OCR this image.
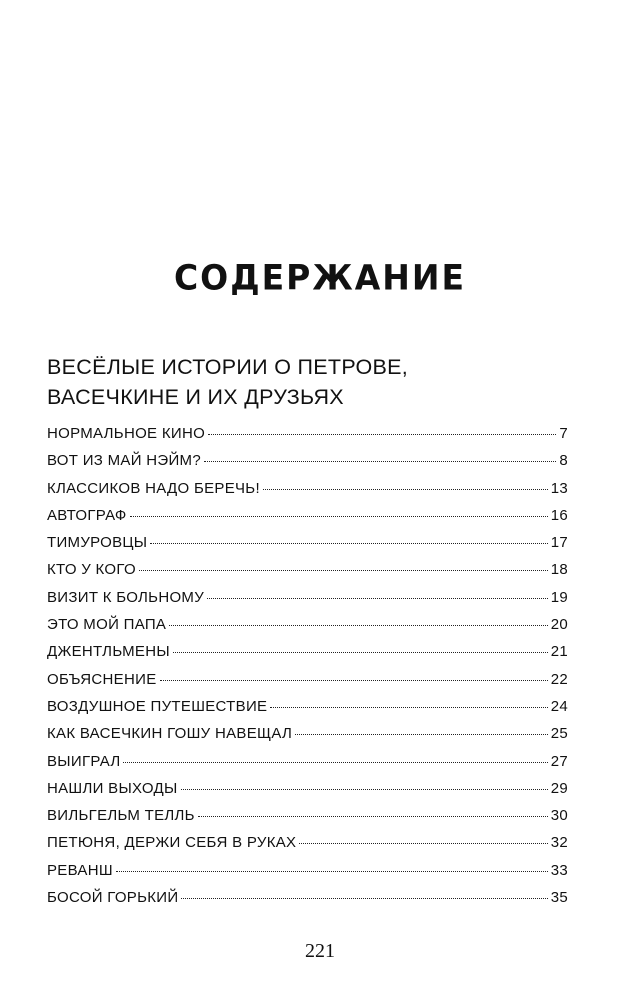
СОДЕРЖАНИЕ
ВЕСЁЛЫЕ ИСТОРИИ О ПЕТРОВЕ,
ВАСЕЧКИНЕ И ИХ ДРУЗЬЯХ
НОРМАЛЬНОЕ КИНО	7
ВОТ ИЗ МАЙ НЭЙМ?	8
КЛАССИКОВ НАДО БЕРЕЧЬ!	13
АВТОГРАФ	16
ТИМУРОВЦЫ	17
КТО У КОГО	18
ВИЗИТ К БОЛЬНОМУ	19
ЭТО МОЙ ПАПА	20
ДЖЕНТЛЬМЕНЫ	21
ОБЪЯСНЕНИЕ	22
ВОЗДУШНОЕ ПУТЕШЕСТВИЕ	24
КАК ВАСЕЧКИН ГОШУ НАВЕЩАЛ	25
ВЫИГРАЛ	27
НАШЛИ ВЫХОДЫ	29
ВИЛЬГЕЛЬМ ТЕЛЛЬ	30
ПЕТЮНЯ, ДЕРЖИ СЕБЯ В РУКАХ	32
РЕВАНШ	33
БОСОЙ ГОРЬКИЙ	35
221
